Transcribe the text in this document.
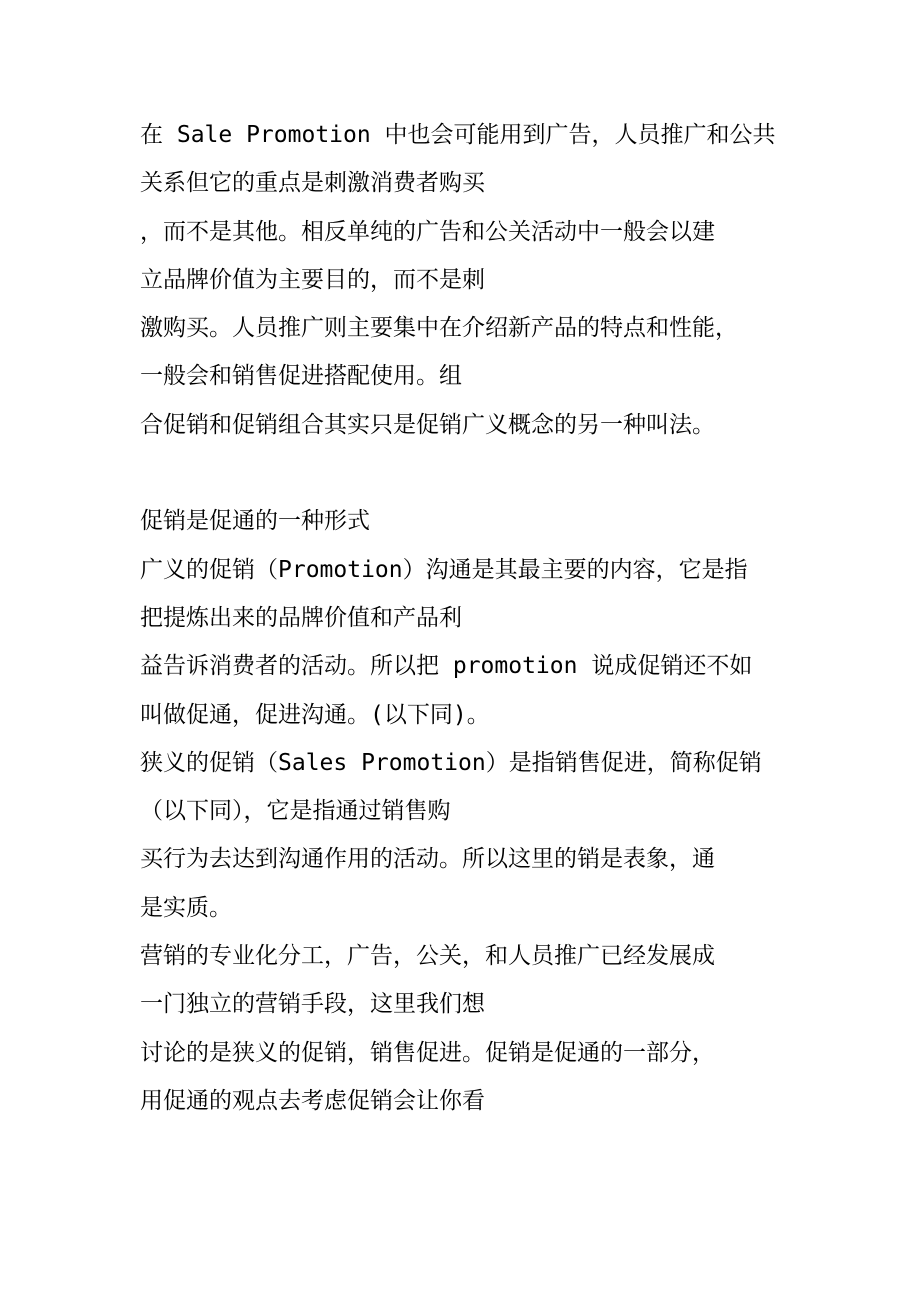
在 Sale Promotion 中也会可能用到广告，人员推广和公共
关系但它的重点是刺激消费者购买
，而不是其他。相反单纯的广告和公关活动中一般会以建
立品牌价值为主要目的，而不是刺
激购买。人员推广则主要集中在介绍新产品的特点和性能，
一般会和销售促进搭配使用。组
合促销和促销组合其实只是促销广义概念的另一种叫法。
促销是促通的一种形式
广义的促销（Promotion）沟通是其最主要的内容，它是指
把提炼出来的品牌价值和产品利
益告诉消费者的活动。所以把 promotion 说成促销还不如
叫做促通，促进沟通。(以下同)。
狭义的促销（Sales Promotion）是指销售促进，简称促销
（以下同），它是指通过销售购
买行为去达到沟通作用的活动。所以这里的销是表象，通
是实质。
营销的专业化分工，广告，公关，和人员推广已经发展成
一门独立的营销手段，这里我们想
讨论的是狭义的促销，销售促进。促销是促通的一部分，
用促通的观点去考虑促销会让你看
